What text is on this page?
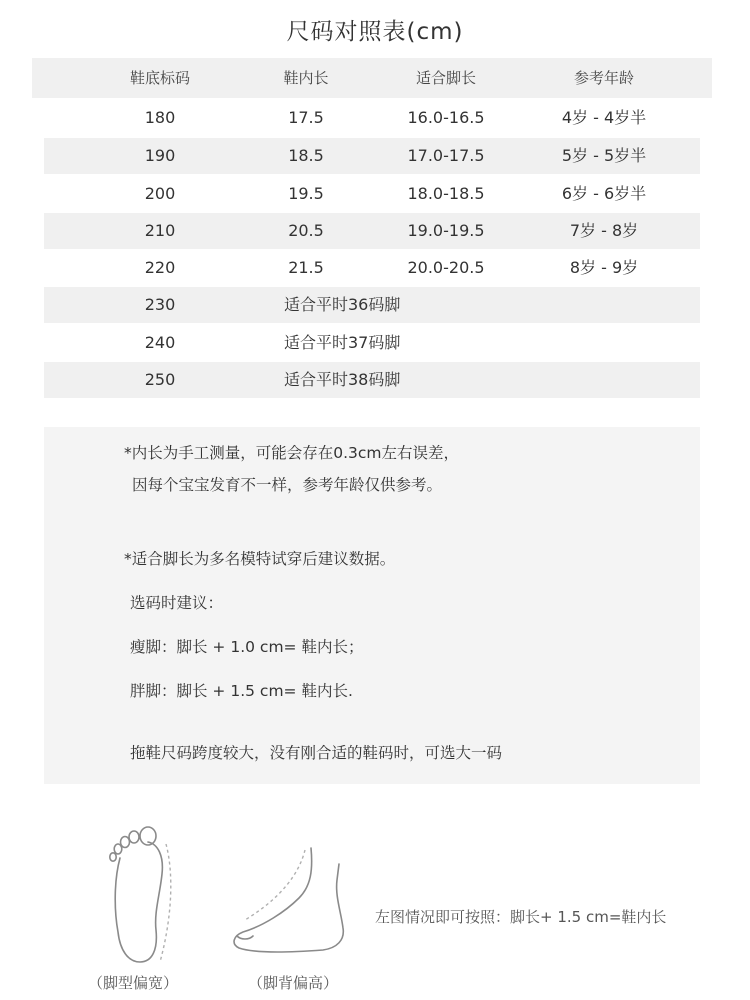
尺码对照表(cm)
鞋底标码	鞋内长	适合脚长	参考年龄
180	17.5	16.0-16.5	4岁 - 4岁半
190	18.5	17.0-17.5	5岁 - 5岁半
200	19.5	18.0-18.5	6岁 - 6岁半
210	20.5	19.0-19.5	7岁 - 8岁
220	21.5	20.0-20.5	8岁 - 9岁
230	适合平时36码脚
240	适合平时37码脚
250	适合平时38码脚
*内长为手工测量，可能会存在0.3cm左右误差，
因每个宝宝发育不一样，参考年龄仅供参考。
*适合脚长为多名模特试穿后建议数据。
选码时建议：
瘦脚：脚长 + 1.0 cm= 鞋内长；
胖脚：脚长 + 1.5 cm= 鞋内长.
拖鞋尺码跨度较大，没有刚合适的鞋码时，可选大一码
（脚型偏宽）	（脚背偏高）
左图情况即可按照：脚长+ 1.5 cm=鞋内长
